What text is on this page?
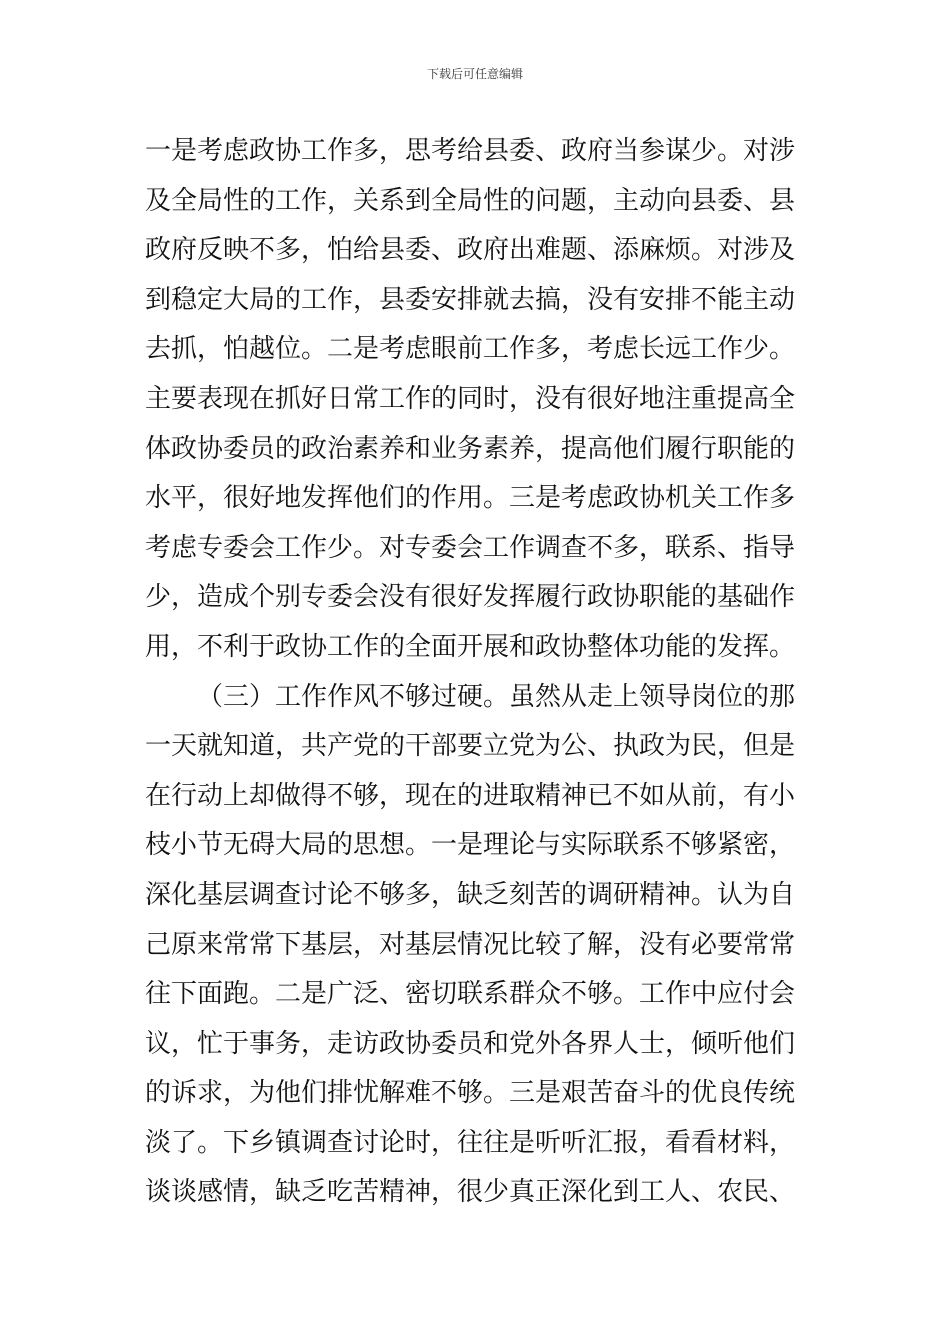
下载后可任意编辑
一是考虑政协工作多，思考给县委、政府当参谋少。对涉
及全局性的工作，关系到全局性的问题，主动向县委、县
政府反映不多，怕给县委、政府出难题、添麻烦。对涉及
到稳定大局的工作，县委安排就去搞，没有安排不能主动
去抓，怕越位。二是考虑眼前工作多，考虑长远工作少。
主要表现在抓好日常工作的同时，没有很好地注重提高全
体政协委员的政治素养和业务素养，提高他们履行职能的
水平，很好地发挥他们的作用。三是考虑政协机关工作多
考虑专委会工作少。对专委会工作调查不多，联系、指导
少，造成个别专委会没有很好发挥履行政协职能的基础作
用，不利于政协工作的全面开展和政协整体功能的发挥。
（三）工作作风不够过硬。虽然从走上领导岗位的那
一天就知道，共产党的干部要立党为公、执政为民，但是
在行动上却做得不够，现在的进取精神已不如从前，有小
枝小节无碍大局的思想。一是理论与实际联系不够紧密，
深化基层调查讨论不够多，缺乏刻苦的调研精神。认为自
己原来常常下基层，对基层情况比较了解，没有必要常常
往下面跑。二是广泛、密切联系群众不够。工作中应付会
议，忙于事务，走访政协委员和党外各界人士，倾听他们
的诉求，为他们排忧解难不够。三是艰苦奋斗的优良传统
淡了。下乡镇调查讨论时，往往是听听汇报，看看材料，
谈谈感情，缺乏吃苦精神，很少真正深化到工人、农民、
